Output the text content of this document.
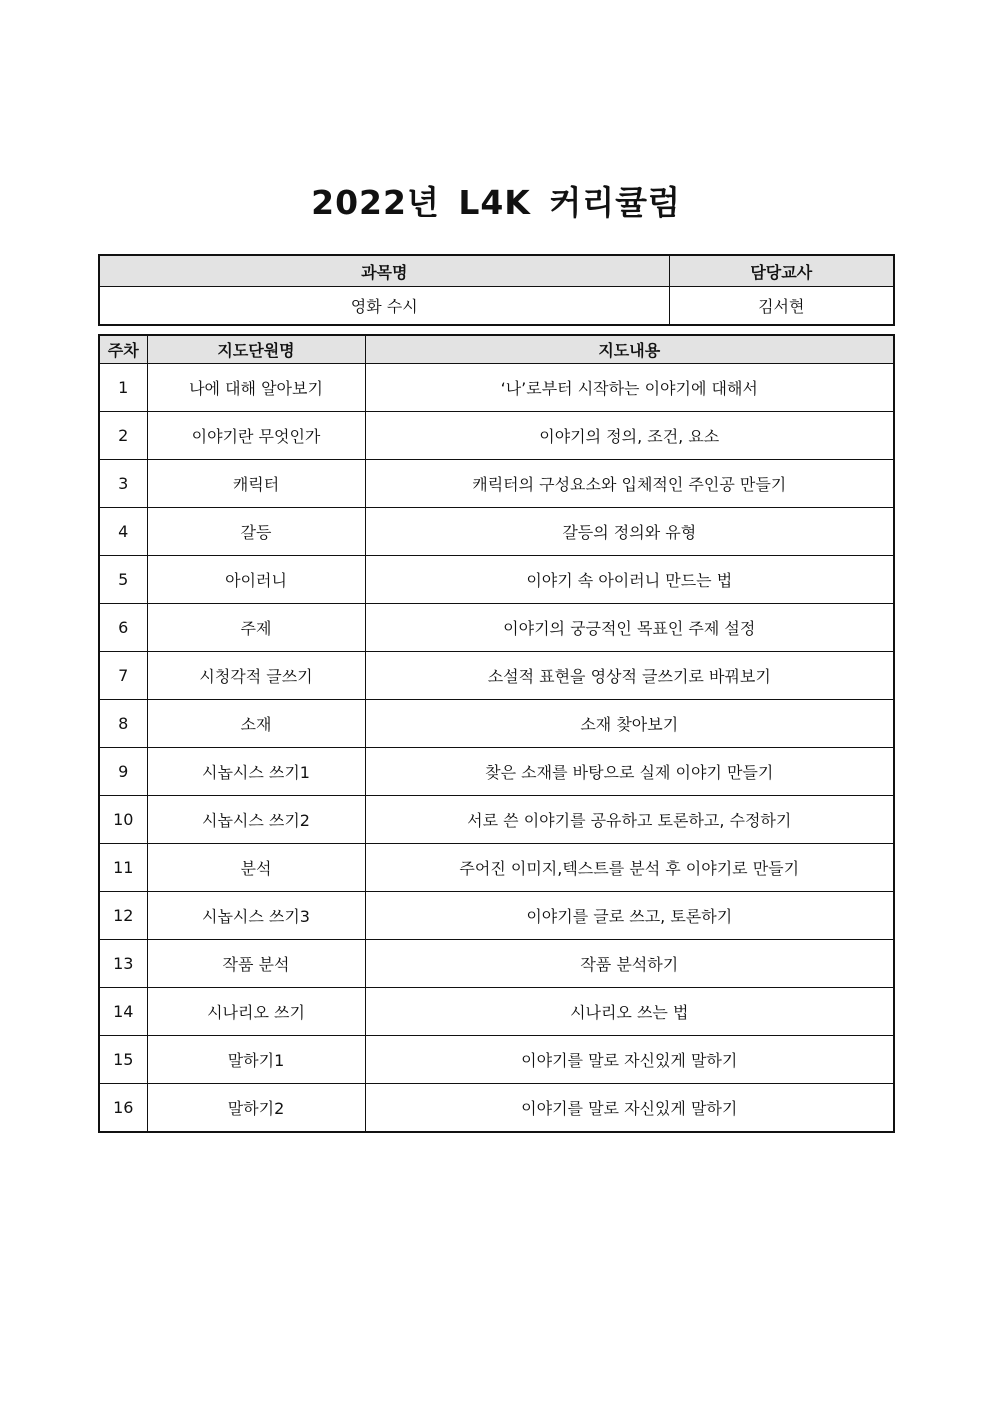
2022년 L4K 커리큘럼
과목명	담당교사
영화 수시	김서현
주차	지도단원명	지도내용
1	나에 대해 알아보기	‘나’로부터 시작하는 이야기에 대해서
2	이야기란 무엇인가	이야기의 정의, 조건, 요소
3	캐릭터	캐릭터의 구성요소와 입체적인 주인공 만들기
4	갈등	갈등의 정의와 유형
5	아이러니	이야기 속 아이러니 만드는 법
6	주제	이야기의 궁긍적인 목표인 주제 설정
7	시청각적 글쓰기	소설적 표현을 영상적 글쓰기로 바꿔보기
8	소재	소재 찾아보기
9	시놉시스 쓰기1	찾은 소재를 바탕으로 실제 이야기 만들기
10	시놉시스 쓰기2	서로 쓴 이야기를 공유하고 토론하고, 수정하기
11	분석	주어진 이미지,텍스트를 분석 후 이야기로 만들기
12	시놉시스 쓰기3	이야기를 글로 쓰고, 토론하기
13	작품 분석	작품 분석하기
14	시나리오 쓰기	시나리오 쓰는 법
15	말하기1	이야기를 말로 자신있게 말하기
16	말하기2	이야기를 말로 자신있게 말하기
